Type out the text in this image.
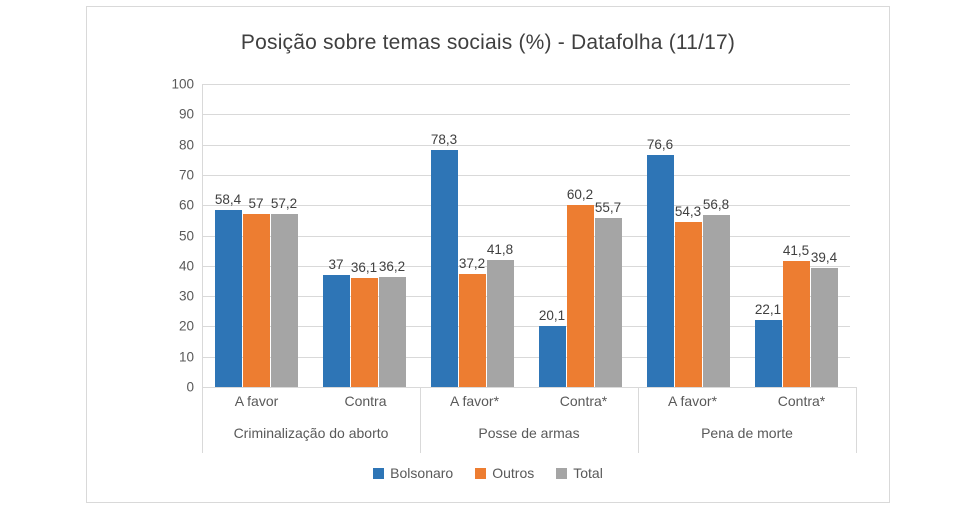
Posição sobre temas sociais (%) - Datafolha (11/17)
100
90
80
70
60
50
40
30
20
10
0
58,4 57 57,2
37 36,1 36,2
78,3
37,2
41,8
20,1
60,2
55,7
76,6
54,3
56,8
22,1
41,5 39,4
A favor	Contra	A favor*	Contra*	A favor*	Contra*
Criminalização do aborto	Posse de armas	Pena de morte
Bolsonaro	Outros	Total
